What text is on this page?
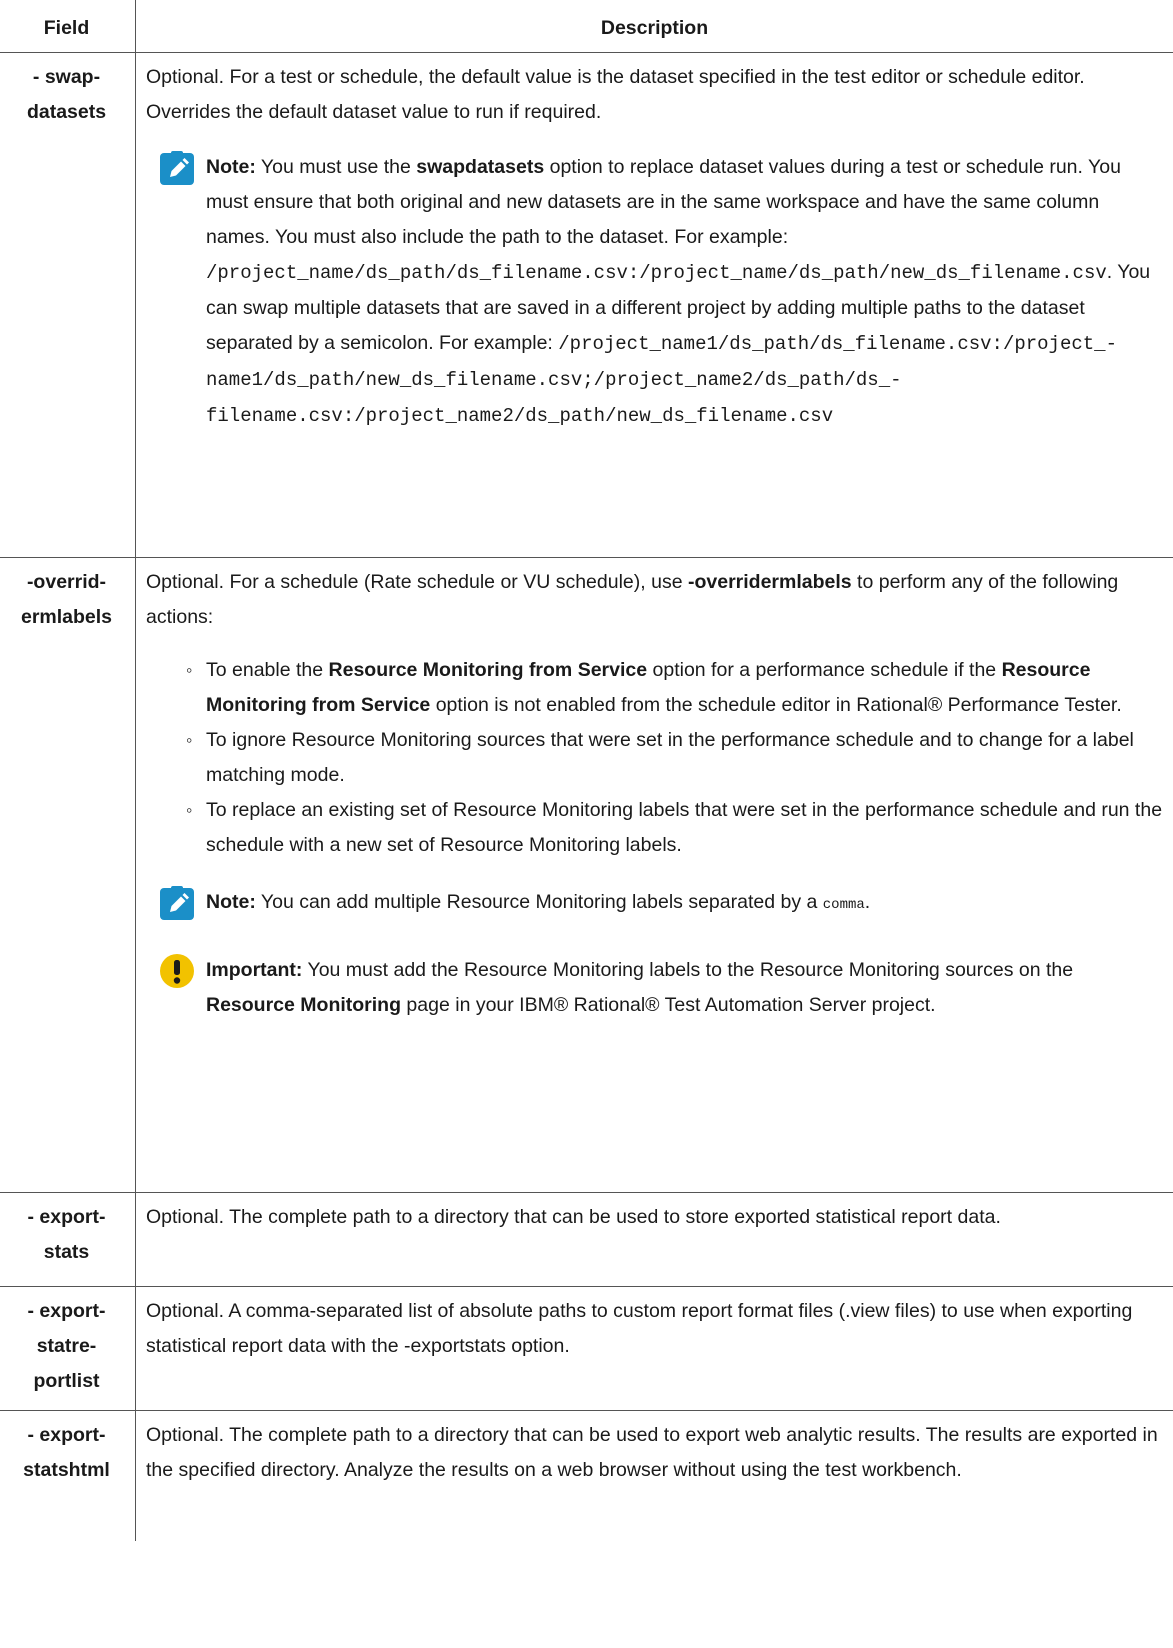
Field	Description
- swap-
datasets

Optional. For a test or schedule, the default value is the dataset specified in the test editor or schedule editor. Overrides the default dataset value to run if required.

Note: You must use the swapdatasets option to replace dataset values during a test or schedule run. You must ensure that both original and new datasets are in the same workspace and have the same column names. You must also include the path to the dataset. For example: /project_name/ds_path/ds_filename.csv:/project_name/ds_path/new_ds_filename.csv. You can swap multiple datasets that are saved in a different project by adding multiple paths to the dataset separated by a semicolon. For example: /project_name1/ds_path/ds_filename.csv:/project_name1/ds_path/new_ds_filename.csv;/project_name2/ds_path/ds_filename.csv:/project_name2/ds_path/new_ds_filename.csv
-overrid-
ermlabels

Optional. For a schedule (Rate schedule or VU schedule), use -overridermlabels to perform any of the following actions:

◦ To enable the Resource Monitoring from Service option for a performance schedule if the Resource Monitoring from Service option is not enabled from the schedule editor in Rational® Performance Tester.
◦ To ignore Resource Monitoring sources that were set in the performance schedule and to change for a label matching mode.
◦ To replace an existing set of Resource Monitoring labels that were set in the performance schedule and run the schedule with a new set of Resource Monitoring labels.
Note: You can add multiple Resource Monitoring labels separated by a comma.
Important: You must add the Resource Monitoring labels to the Resource Monitoring sources on the Resource Monitoring page in your IBM® Rational® Test Automation Server project.
- export-
stats

Optional. The complete path to a directory that can be used to store exported statistical report data.

- export-
statre-
portlist

Optional. A comma-separated list of absolute paths to custom report format files (.view files) to use when exporting statistical report data with the -exportstats option.

- export-
statshtml

Optional. The complete path to a directory that can be used to export web analytic results. The results are exported in the specified directory. Analyze the results on a web browser without using the test workbench.
